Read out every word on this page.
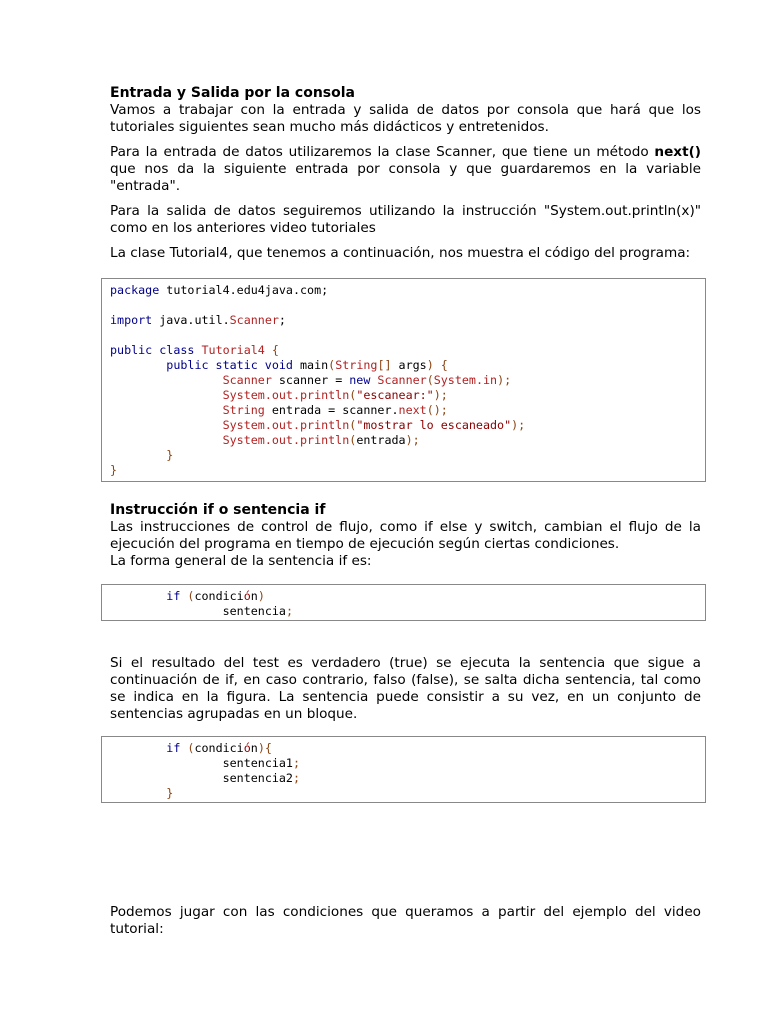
Entrada y Salida por la consola

Vamos a trabajar con la entrada y salida de datos por consola que hará que los tutoriales siguientes sean mucho más didácticos y entretenidos.

Para la entrada de datos utilizaremos la clase Scanner, que tiene un método next() que nos da la siguiente entrada por consola y que guardaremos en la variable "entrada".

Para la salida de datos seguiremos utilizando la instrucción "System.out.println(x)" como en los anteriores video tutoriales

La clase Tutorial4, que tenemos a continuación, nos muestra el código del programa:

package tutorial4.edu4java.com;

import java.util.Scanner;

public class Tutorial4 {
public static void main(String[] args) {
Scanner scanner = new Scanner(System.in);
System.out.println("escanear:");
String entrada = scanner.next();
System.out.println("mostrar lo escaneado");
System.out.println(entrada);
}
}
Instrucción if o sentencia if

Las instrucciones de control de flujo, como if else y switch, cambian el flujo de la ejecución del programa en tiempo de ejecución según ciertas condiciones.

La forma general de la sentencia if es:

if (condición)
sentencia;

Si el resultado del test es verdadero (true) se ejecuta la sentencia que sigue a continuación de if, en caso contrario, falso (false), se salta dicha sentencia, tal como se indica en la figura. La sentencia puede consistir a su vez, en un conjunto de sentencias agrupadas en un bloque.

if (condición){
sentencia1;
sentencia2;
}

Podemos jugar con las condiciones que queramos a partir del ejemplo del video tutorial:
